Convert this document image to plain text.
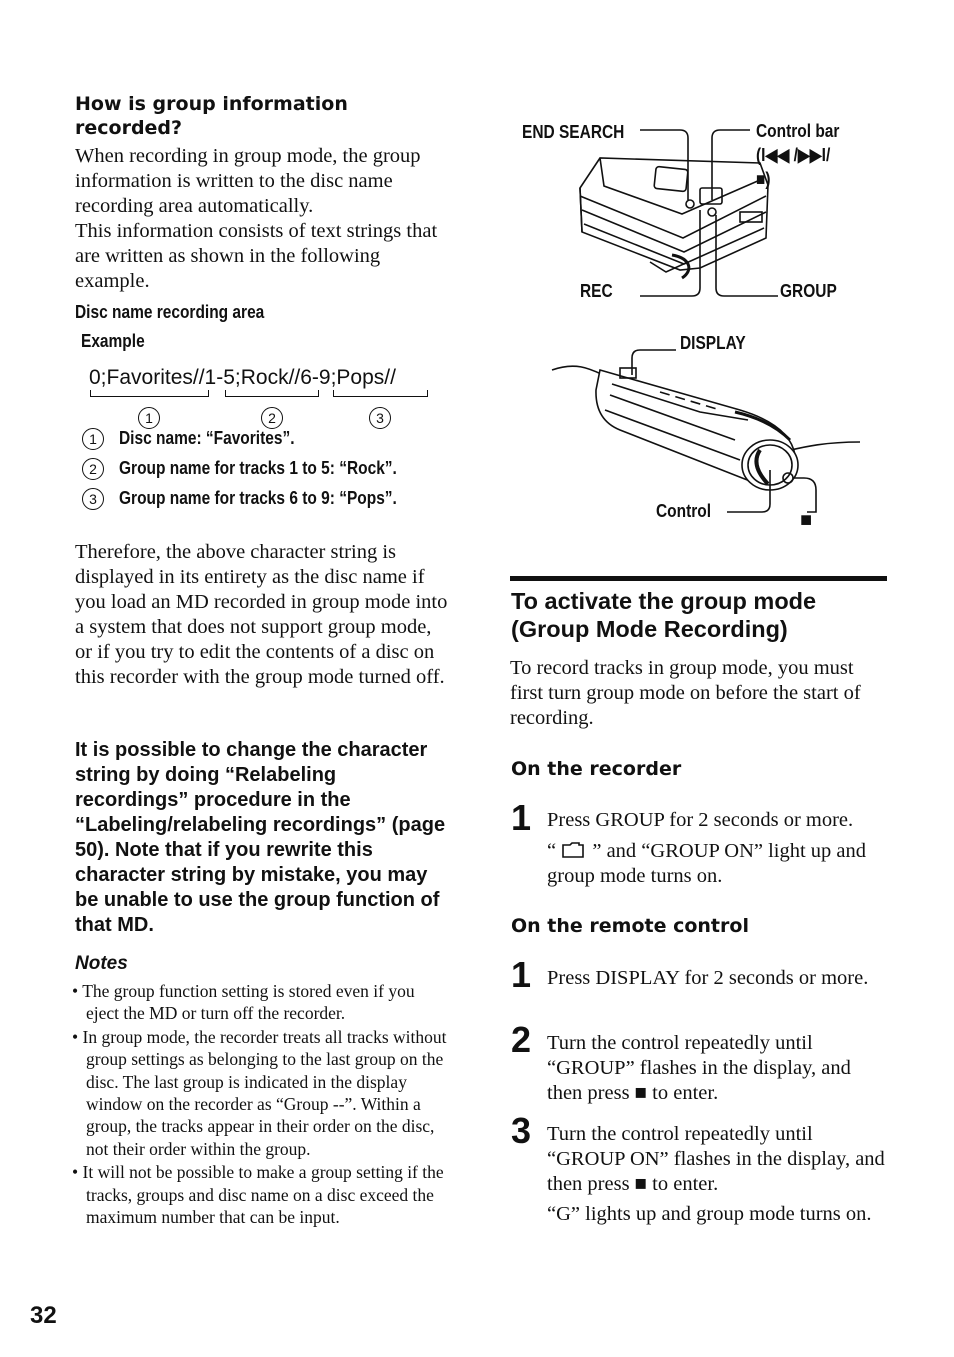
How is group information recorded?

When recording in group mode, the group information is written to the disc name recording area automatically.

This information consists of text strings that are written as shown in the following example.

Disc name recording area
Example
0;Favorites//1-5;Rock//6-9;Pops//
1	2	3
1	Disc name: “Favorites”.
2	Group name for tracks 1 to 5: “Rock”.
3	Group name for tracks 6 to 9: “Pops”.

Therefore, the above character string is displayed in its entirety as the disc name if you load an MD recorded in group mode into a system that does not support group mode, or if you try to edit the contents of a disc on this recorder with the group mode turned off.

It is possible to change the character string by doing “Relabeling recordings” procedure in the “Labeling/relabeling recordings” (page 50). Note that if you rewrite this character string by mistake, you may be unable to use the group function of that MD.
Notes
• The group function setting is stored even if you eject the MD or turn off the recorder.
• In group mode, the recorder treats all tracks without group settings as belonging to the last group on the disc. The last group is indicated in the display window on the recorder as “Group --”. Within a group, the tracks appear in their order on the disc, not their order within the group.
• It will not be possible to make a group setting if the tracks, groups and disc name on a disc exceed the maximum number that can be input.
32
END SEARCH	Control bar
(I◀◀ /▶▶I/
■)
REC	GROUP
DISPLAY
Control	■
To activate the group mode (Group Mode Recording)

To record tracks in group mode, you must first turn group mode on before the start of recording.

On the recorder
1 Press GROUP for 2 seconds or more.
“ ” and “GROUP ON” light up and group mode turns on.
On the remote control
1 Press DISPLAY for 2 seconds or more.
2 Turn the control repeatedly until “GROUP” flashes in the display, and then press ■ to enter.
3 Turn the control repeatedly until “GROUP ON” flashes in the display, and then press ■ to enter.
“G” lights up and group mode turns on.
